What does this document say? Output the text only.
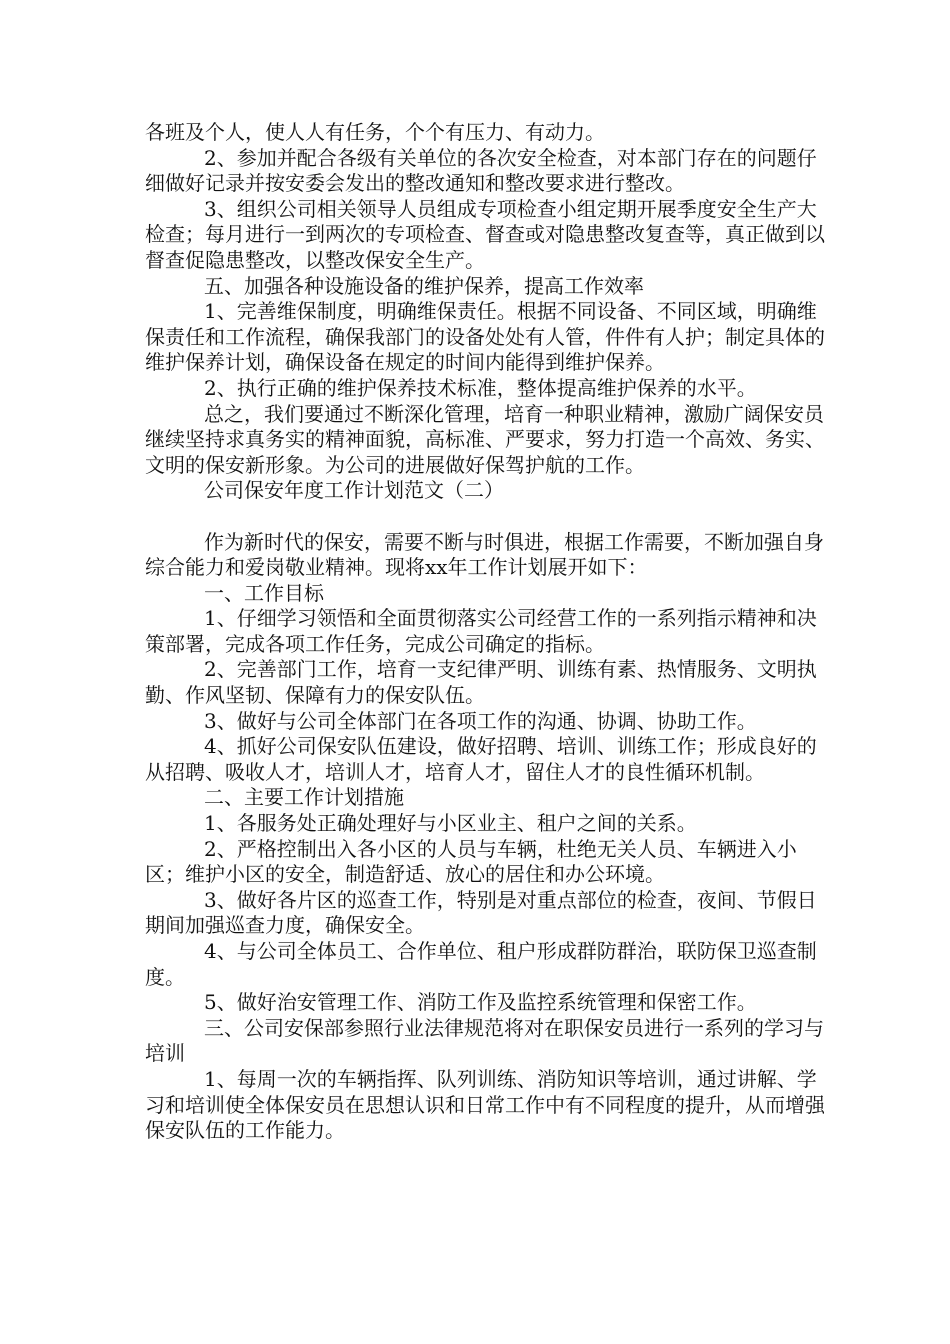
各班及个人，使人人有任务，个个有压力、有动力。

2、参加并配合各级有关单位的各次安全检查，对本部门存在的问题仔细做好记录并按安委会发出的整改通知和整改要求进行整改。

3、组织公司相关领导人员组成专项检查小组定期开展季度安全生产大检查；每月进行一到两次的专项检查、督查或对隐患整改复查等，真正做到以督查促隐患整改，以整改保安全生产。

五、加强各种设施设备的维护保养，提高工作效率

1、完善维保制度，明确维保责任。根据不同设备、不同区域，明确维保责任和工作流程，确保我部门的设备处处有人管，件件有人护；制定具体的维护保养计划，确保设备在规定的时间内能得到维护保养。

2、执行正确的维护保养技术标准，整体提高维护保养的水平。

总之，我们要通过不断深化管理，培育一种职业精神，激励广阔保安员继续坚持求真务实的精神面貌，高标准、严要求，努力打造一个高效、务实、文明的保安新形象。为公司的进展做好保驾护航的工作。

公司保安年度工作计划范文（二）

作为新时代的保安，需要不断与时俱进，根据工作需要，不断加强自身综合能力和爱岗敬业精神。现将xx年工作计划展开如下：

一、工作目标

1、仔细学习领悟和全面贯彻落实公司经营工作的一系列指示精神和决策部署，完成各项工作任务，完成公司确定的指标。

2、完善部门工作，培育一支纪律严明、训练有素、热情服务、文明执勤、作风坚韧、保障有力的保安队伍。

3、做好与公司全体部门在各项工作的沟通、协调、协助工作。

4、抓好公司保安队伍建设，做好招聘、培训、训练工作；形成良好的从招聘、吸收人才，培训人才，培育人才，留住人才的良性循环机制。

二、主要工作计划措施

1、各服务处正确处理好与小区业主、租户之间的关系。

2、严格控制出入各小区的人员与车辆，杜绝无关人员、车辆进入小区；维护小区的安全，制造舒适、放心的居住和办公环境。

3、做好各片区的巡查工作，特别是对重点部位的检查，夜间、节假日期间加强巡查力度，确保安全。

4、与公司全体员工、合作单位、租户形成群防群治，联防保卫巡查制度。

5、做好治安管理工作、消防工作及监控系统管理和保密工作。

三、公司安保部参照行业法律规范将对在职保安员进行一系列的学习与培训

1、每周一次的车辆指挥、队列训练、消防知识等培训，通过讲解、学习和培训使全体保安员在思想认识和日常工作中有不同程度的提升，从而增强保安队伍的工作能力。
